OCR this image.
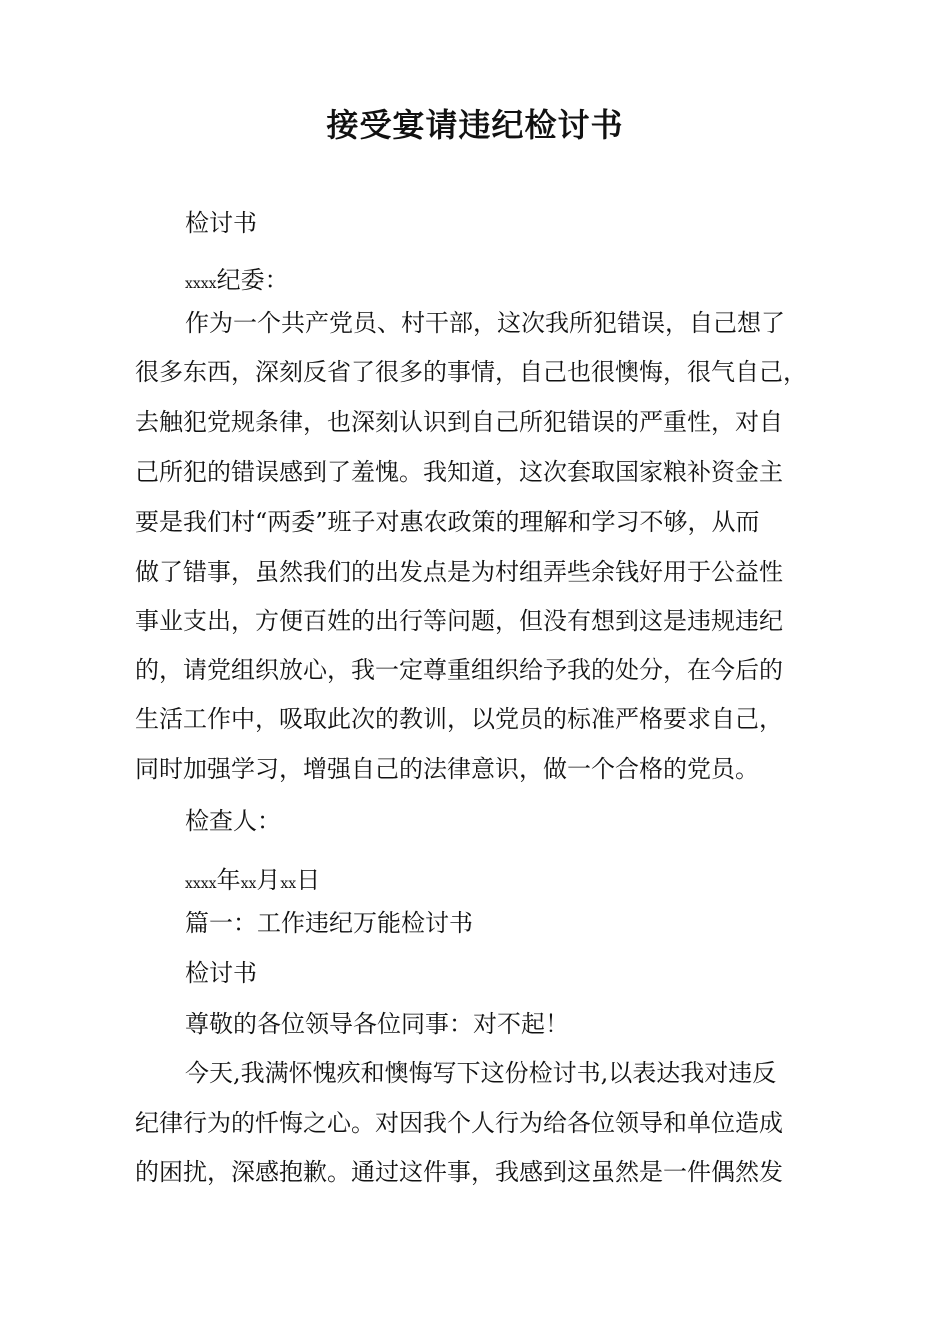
接受宴请违纪检讨书
检讨书
xxxx纪委：
作为一个共产党员、村干部，这次我所犯错误，自己想了
很多东西，深刻反省了很多的事情，自己也很懊悔，很气自己，
去触犯党规条律，也深刻认识到自己所犯错误的严重性，对自
己所犯的错误感到了羞愧。我知道，这次套取国家粮补资金主
要是我们村“两委”班子对惠农政策的理解和学习不够，从而
做了错事，虽然我们的出发点是为村组弄些余钱好用于公益性
事业支出，方便百姓的出行等问题，但没有想到这是违规违纪
的，请党组织放心，我一定尊重组织给予我的处分，在今后的
生活工作中，吸取此次的教训，以党员的标准严格要求自己，
同时加强学习，增强自己的法律意识，做一个合格的党员。
检查人：
xxxx年xx月xx日
篇一：工作违纪万能检讨书
检讨书
尊敬的各位领导各位同事：对不起！
今天,我满怀愧疚和懊悔写下这份检讨书,以表达我对违反
纪律行为的忏悔之心。对因我个人行为给各位领导和单位造成
的困扰，深感抱歉。通过这件事，我感到这虽然是一件偶然发
